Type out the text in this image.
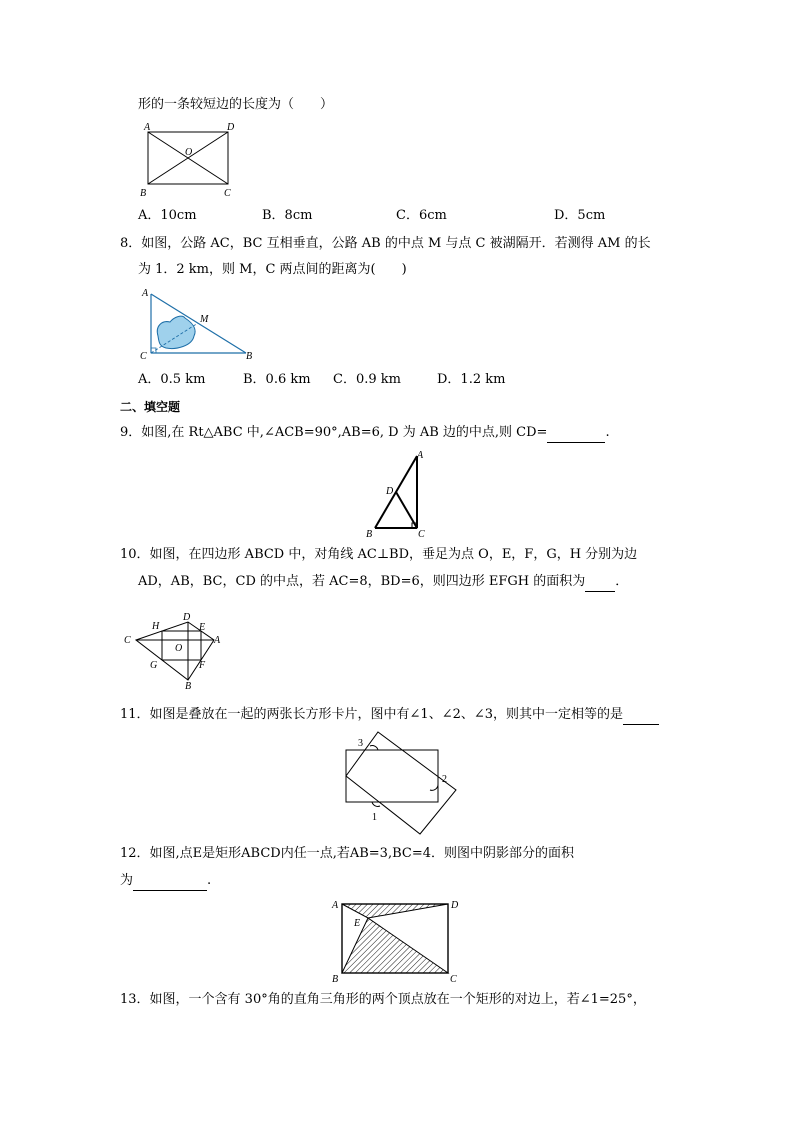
形的一条较短边的长度为（　　）
A	D
O
B	C
A．10cm	B．8cm	C．6cm	D．5cm
8．如图，公路 AC，BC 互相垂直，公路 AB 的中点 M 与点 C 被湖隔开．若测得 AM 的长
为 1．2 km，则 M，C 两点间的距离为(　　)
A
M
C	B
A．0.5 km	B．0.6 km C．0.9 km	D．1.2 km
二、填空题
9．如图,在 Rt△ABC 中,∠ACB=90°,AB=6, D 为 AB 边的中点,则 CD=	.
A
D
B	C
10．如图，在四边形 ABCD 中，对角线 AC⊥BD，垂足为点 O，E，F，G，H 分别为边
AD，AB，BC，CD 的中点，若 AC=8，BD=6，则四边形 EFGH 的面积为 ．
D
H	E
C	A
O
G	F
B
11．如图是叠放在一起的两张长方形卡片，图中有∠1、∠2、∠3，则其中一定相等的是
3
2
1
12．如图,点E是矩形ABCD内任一点,若AB=3,BC=4．则图中阴影部分的面积
为	.
A	D
E
B	C
13．如图，一个含有 30°角的直角三角形的两个顶点放在一个矩形的对边上，若∠1=25°，
